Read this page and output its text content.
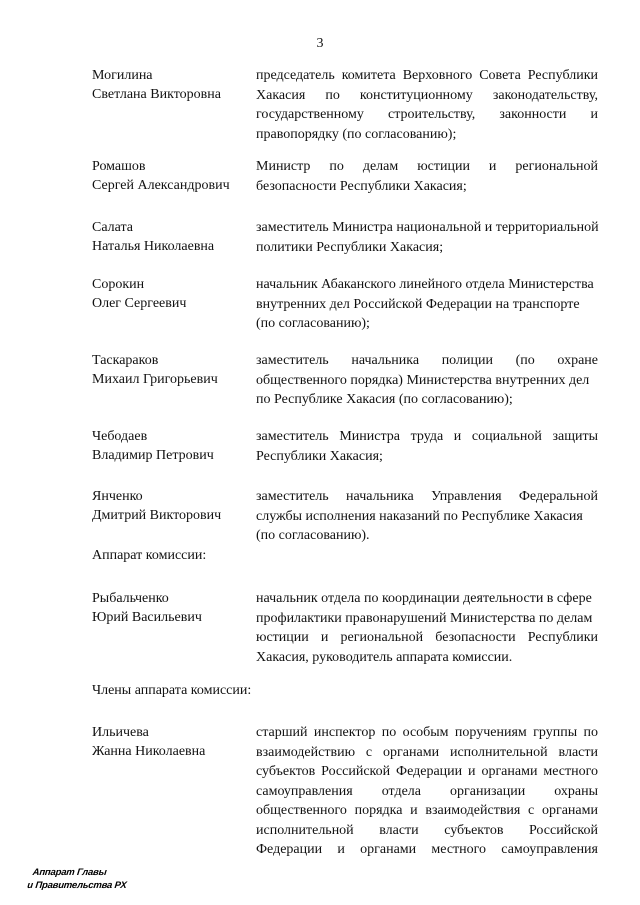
3
Могилина
Светлана Викторовна
председатель комитета Верховного Совета Республики
Хакасия по конституционному законодательству,
государственному строительству, законности и
правопорядку (по согласованию);
Ромашов
Сергей Александрович
Министр по делам юстиции и региональной
безопасности Республики Хакасия;
Салата
Наталья Николаевна
заместитель Министра национальной и территориальной
политики Республики Хакасия;
Сорокин
Олег Сергеевич
начальник Абаканского линейного отдела Министерства
внутренних дел Российской Федерации на транспорте
(по согласованию);
Таскараков
Михаил Григорьевич
заместитель начальника полиции (по охране
общественного порядка) Министерства внутренних дел
по Республике Хакасия (по согласованию);
Чебодаев
Владимир Петрович
заместитель Министра труда и социальной защиты
Республики Хакасия;
Янченко
Дмитрий Викторович
заместитель начальника Управления Федеральной
службы исполнения наказаний по Республике Хакасия
(по согласованию).
Аппарат комиссии:
Рыбальченко
Юрий Васильевич
начальник отдела по координации деятельности в сфере
профилактики правонарушений Министерства по делам
юстиции и региональной безопасности Республики
Хакасия, руководитель аппарата комиссии.
Члены аппарата комиссии:
Ильичева
Жанна Николаевна
старший инспектор по особым поручениям группы по
взаимодействию с органами исполнительной власти
субъектов Российской Федерации и органами местного
самоуправления отдела организации охраны
общественного порядка и взаимодействия с органами
исполнительной власти субъектов Российской
Федерации и органами местного самоуправления
Аппарат Главы
и Правительства РХ
